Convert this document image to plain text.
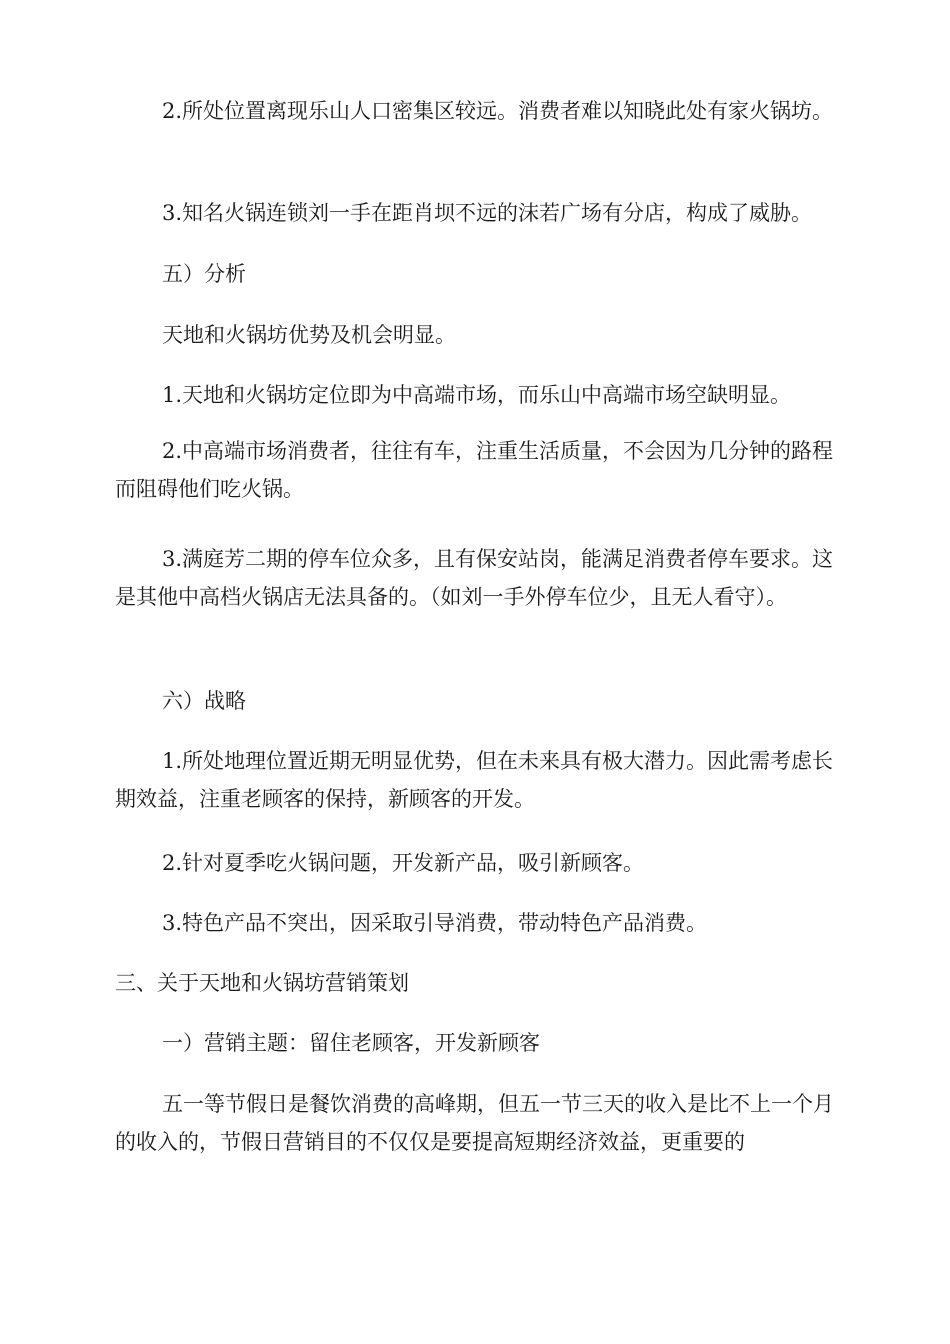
2.所处位置离现乐山人口密集区较远。消费者难以知晓此处有家火锅坊。

3.知名火锅连锁刘一手在距肖坝不远的沫若广场有分店，构成了威胁。

五）分析

天地和火锅坊优势及机会明显。

1.天地和火锅坊定位即为中高端市场，而乐山中高端市场空缺明显。

2.中高端市场消费者，往往有车，注重生活质量，不会因为几分钟的路程而阻碍他们吃火锅。

3.满庭芳二期的停车位众多，且有保安站岗，能满足消费者停车要求。这是其他中高档火锅店无法具备的。（如刘一手外停车位少，且无人看守）。

六）战略

1.所处地理位置近期无明显优势，但在未来具有极大潜力。因此需考虑长期效益，注重老顾客的保持，新顾客的开发。

2.针对夏季吃火锅问题，开发新产品，吸引新顾客。

3.特色产品不突出，因采取引导消费，带动特色产品消费。

三、关于天地和火锅坊营销策划

一）营销主题：留住老顾客，开发新顾客

五一等节假日是餐饮消费的高峰期，但五一节三天的收入是比不上一个月的收入的，节假日营销目的不仅仅是要提高短期经济效益，更重要的
